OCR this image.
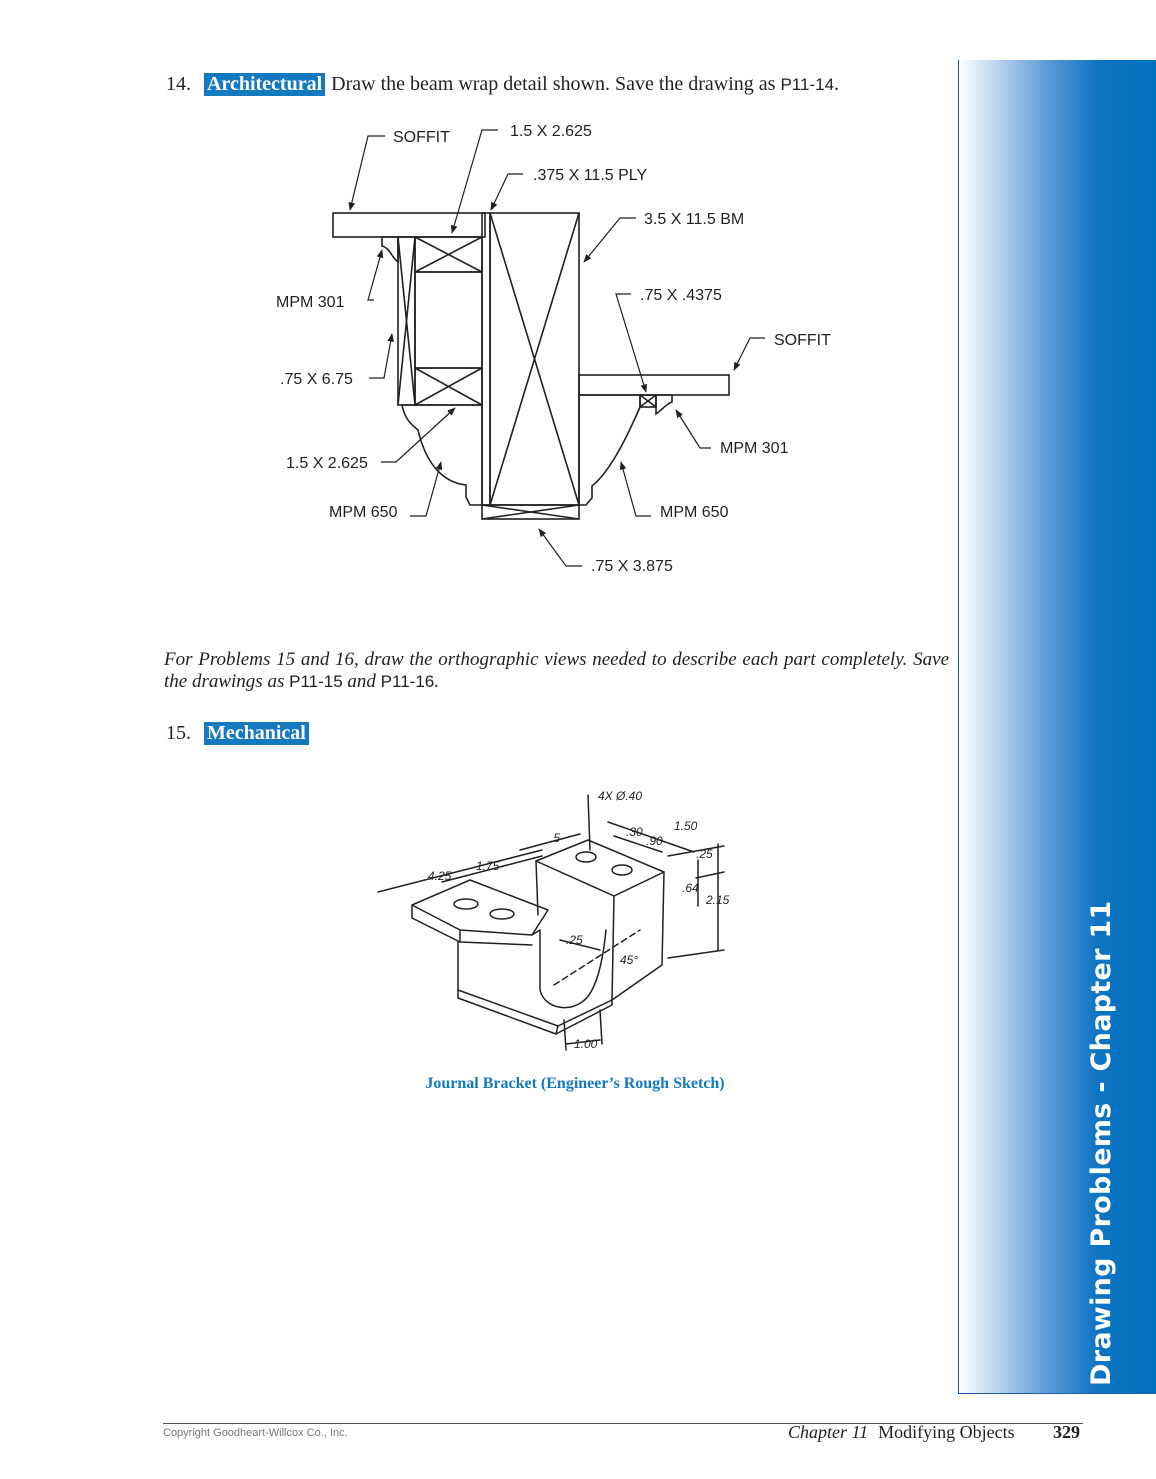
14. Architectural Draw the beam wrap detail shown. Save the drawing as P11-14.
SOFFIT	1.5 X 2.625
.375 X 11.5 PLY
3.5 X 11.5 BM
MPM 301	.75 X .4375
SOFFIT
.75 X 6.75
MPM 301
1.5 X 2.625
MPM 650	MPM 650
.75 X 3.875
For Problems 15 and 16, draw the orthographic views needed to describe each part completely. Save the drawings as P11-15 and P11-16.
15. Mechanical
4X Ø.40
4.25
1.75
.5	.30
.90
1.50
.25
.64
2.15
.25
45°
1.00
Journal Bracket (Engineer’s Rough Sketch)	Drawing Problems - Chapter 11
Copyright Goodheart-Willcox Co., Inc.	Chapter 11 Modifying Objects 329
